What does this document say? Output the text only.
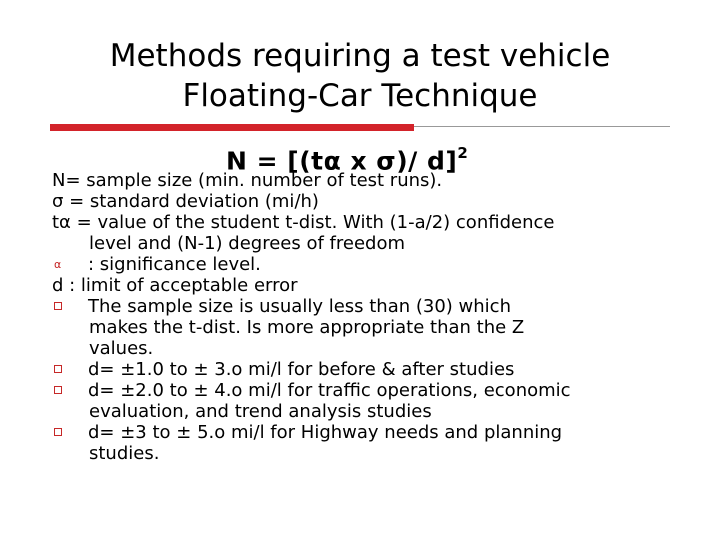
Methods requiring a test vehicle
Floating-Car Technique
N = [(tα x σ)/ d]$^2$
N= sample size (min. number of test runs).
σ = standard deviation (mi/h)
tα = value of the student t-dist. With (1-a/2) confidence
level and (N-1) degrees of freedom
α : significance level.
d : limit of acceptable error
The sample size is usually less than (30) which
makes the t-dist. Is more appropriate than the Z
values.
d= ±1.0 to ± 3.o mi/l for before & after studies
d= ±2.0 to ± 4.o mi/l for traffic operations, economic
evaluation, and trend analysis studies
d= ±3 to ± 5.o mi/l for Highway needs and planning
studies.
